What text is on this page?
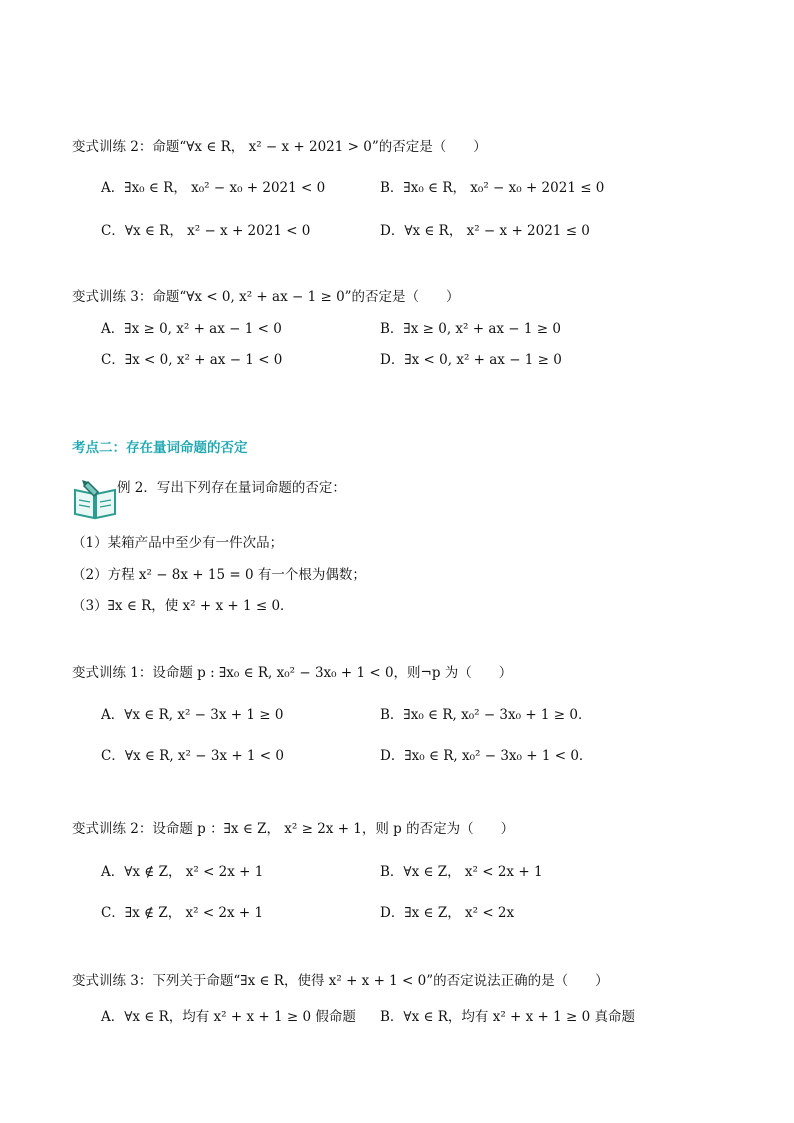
变式训练 2：命题“∀x ∈ R， x² − x + 2021 > 0”的否定是（　　）
A．∃x₀ ∈ R， x₀² − x₀ + 2021 < 0	B．∃x₀ ∈ R， x₀² − x₀ + 2021 ≤ 0
C．∀x ∈ R， x² − x + 2021 < 0	D．∀x ∈ R， x² − x + 2021 ≤ 0
变式训练 3：命题“∀x < 0, x² + ax − 1 ≥ 0”的否定是（　　）
A．∃x ≥ 0, x² + ax − 1 < 0	B．∃x ≥ 0, x² + ax − 1 ≥ 0
C．∃x < 0, x² + ax − 1 < 0	D．∃x < 0, x² + ax − 1 ≥ 0
考点二：存在量词命题的否定
例 2．写出下列存在量词命题的否定：
（1）某箱产品中至少有一件次品；
（2）方程 x² − 8x + 15 = 0 有一个根为偶数；
（3）∃x ∈ R，使 x² + x + 1 ≤ 0．
变式训练 1：设命题 p : ∃x₀ ∈ R, x₀² − 3x₀ + 1 < 0，则¬p 为（　　）
A．∀x ∈ R, x² − 3x + 1 ≥ 0	B．∃x₀ ∈ R, x₀² − 3x₀ + 1 ≥ 0．
C．∀x ∈ R, x² − 3x + 1 < 0	D．∃x₀ ∈ R, x₀² − 3x₀ + 1 < 0．
变式训练 2：设命题 p ：∃x ∈ Z， x² ≥ 2x + 1，则 p 的否定为（　　）
A．∀x ∉ Z， x² < 2x + 1	B．∀x ∈ Z， x² < 2x + 1
C．∃x ∉ Z， x² < 2x + 1	D．∃x ∈ Z， x² < 2x
变式训练 3：下列关于命题“∃x ∈ R，使得 x² + x + 1 < 0”的否定说法正确的是（　　）
A．∀x ∈ R，均有 x² + x + 1 ≥ 0 假命题 B．∀x ∈ R，均有 x² + x + 1 ≥ 0 真命题
